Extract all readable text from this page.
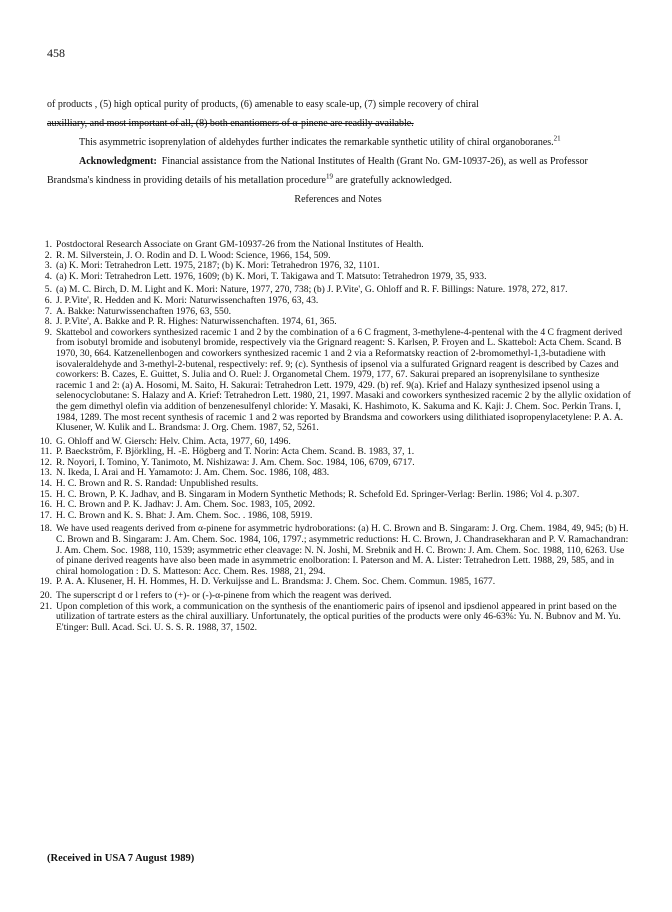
458

of products , (5) high optical purity of products, (6) amenable to easy scale-up, (7) simple recovery of chiral

auxilliary, and most important of all, (8) both enantiomers of α-pinene are readily available.

This asymmetric isoprenylation of aldehydes further indicates the remarkable synthetic utility of chiral organoboranes.$^{21}$

Acknowledgment: Financial assistance from the National Institutes of Health (Grant No. GM-10937-26), as well as Professor Brandsma's kindness in providing details of his metallation procedure$^{19}$ are gratefully acknowledged.

References and Notes

1. Postdoctoral Research Associate on Grant GM-10937-26 from the National Institutes of Health.
2. R. M. Silverstein, J. O. Rodin and D. L Wood: Science, 1966, 154, 509.
3. (a) K. Mori: Tetrahedron Lett. 1975, 2187; (b) K. Mori: Tetrahedron 1976, 32, 1101.
4. (a) K. Mori: Tetrahedron Lett. 1976, 1609; (b) K. Mori, T. Takigawa and T. Matsuto: Tetrahedron 1979, 35, 933.
5. (a) M. C. Birch, D. M. Light and K. Mori: Nature, 1977, 270, 738; (b) J. P.Vite', G. Ohloff and R. F. Billings: Nature. 1978, 272, 817.
6. J. P.Vite', R. Hedden and K. Mori: Naturwissenchaften 1976, 63, 43.
7. A. Bakke: Naturwissenchaften 1976, 63, 550.
8. J. P.Vite', A. Bakke and P. R. Highes: Naturwissenchaften. 1974, 61, 365.
9. Skattebol and coworkers synthesized racemic 1 and 2 by the combination of a 6 C fragment, 3-methylene-4-pentenal with the 4 C fragment derived from isobutyl bromide and isobutenyl bromide, respectively via the Grignard reagent: S. Karlsen, P. Froyen and L. Skattebol: Acta Chem. Scand. B 1970, 30, 664. Katzenellenbogen and coworkers synthesized racemic 1 and 2 via a Reformatsky reaction of 2-bromomethyl-1,3-butadiene with isovaleraldehyde and 3-methyl-2-butenal, respectively: ref. 9; (c). Synthesis of ipsenol via a sulfurated Grignard reagent is described by Cazes and coworkers: B. Cazes, E. Guittet, S. Julia and O. Ruel: J. Organometal Chem. 1979, 177, 67. Sakurai prepared an isoprenylsilane to synthesize racemic 1 and 2: (a) A. Hosomi, M. Saito, H. Sakurai: Tetrahedron Lett. 1979, 429. (b) ref. 9(a). Krief and Halazy synthesized ipsenol using a selenocyclobutane: S. Halazy and A. Krief: Tetrahedron Lett. 1980, 21, 1997. Masaki and coworkers synthesized racemic 2 by the allylic oxidation of the gem dimethyl olefin via addition of benzenesulfenyl chloride: Y. Masaki, K. Hashimoto, K. Sakuma and K. Kaji: J. Chem. Soc. Perkin Trans. I, 1984, 1289. The most recent synthesis of racemic 1 and 2 was reported by Brandsma and coworkers using dilithiated isopropenylacetylene: P. A. A. Klusener, W. Kulik and L. Brandsma: J. Org. Chem. 1987, 52, 5261.
10. G. Ohloff and W. Giersch: Helv. Chim. Acta, 1977, 60, 1496.
11. P. Baeckström, F. Björkling, H. -E. Högberg and T. Norin: Acta Chem. Scand. B. 1983, 37, 1.
12. R. Noyori, I. Tomino, Y. Tanimoto, M. Nishizawa: J. Am. Chem. Soc. 1984, 106, 6709, 6717.
13. N. Ikeda, I. Arai and H. Yamamoto: J. Am. Chem. Soc. 1986, 108, 483.
14. H. C. Brown and R. S. Randad: Unpublished results.
15. H. C. Brown, P. K. Jadhav, and B. Singaram in Modern Synthetic Methods; R. Schefold Ed. Springer-Verlag: Berlin. 1986; Vol 4. p.307.
16. H. C. Brown and P. K. Jadhav: J. Am. Chem. Soc. 1983, 105, 2092.
17. H. C. Brown and K. S. Bhat: J. Am. Chem. Soc. . 1986, 108, 5919.
18. We have used reagents derived from α-pinene for asymmetric hydroborations: (a) H. C. Brown and B. Singaram: J. Org. Chem. 1984, 49, 945; (b) H. C. Brown and B. Singaram: J. Am. Chem. Soc. 1984, 106, 1797.; asymmetric reductions: H. C. Brown, J. Chandrasekharan and P. V. Ramachandran: J. Am. Chem. Soc. 1988, 110, 1539; asymmetric ether cleavage: N. N. Joshi, M. Srebnik and H. C. Brown: J. Am. Chem. Soc. 1988, 110, 6263. Use of pinane derived reagents have also been made in asymmetric enolboration: I. Paterson and M. A. Lister: Tetrahedron Lett. 1988, 29, 585, and in chiral homologation : D. S. Matteson: Acc. Chem. Res. 1988, 21, 294.
19. P. A. A. Klusener, H. H. Hommes, H. D. Verkuijsse and L. Brandsma: J. Chem. Soc. Chem. Commun. 1985, 1677.
20. The superscript d or l refers to (+)- or (-)-α-pinene from which the reagent was derived.
21. Upon completion of this work, a communication on the synthesis of the enantiomeric pairs of ipsenol and ipsdienol appeared in print based on the utilization of tartrate esters as the chiral auxilliary. Unfortunately, the optical purities of the products were only 46-63%: Yu. N. Bubnov and M. Yu. E'tinger: Bull. Acad. Sci. U. S. S. R. 1988, 37, 1502.
(Received in USA 7 August 1989)
